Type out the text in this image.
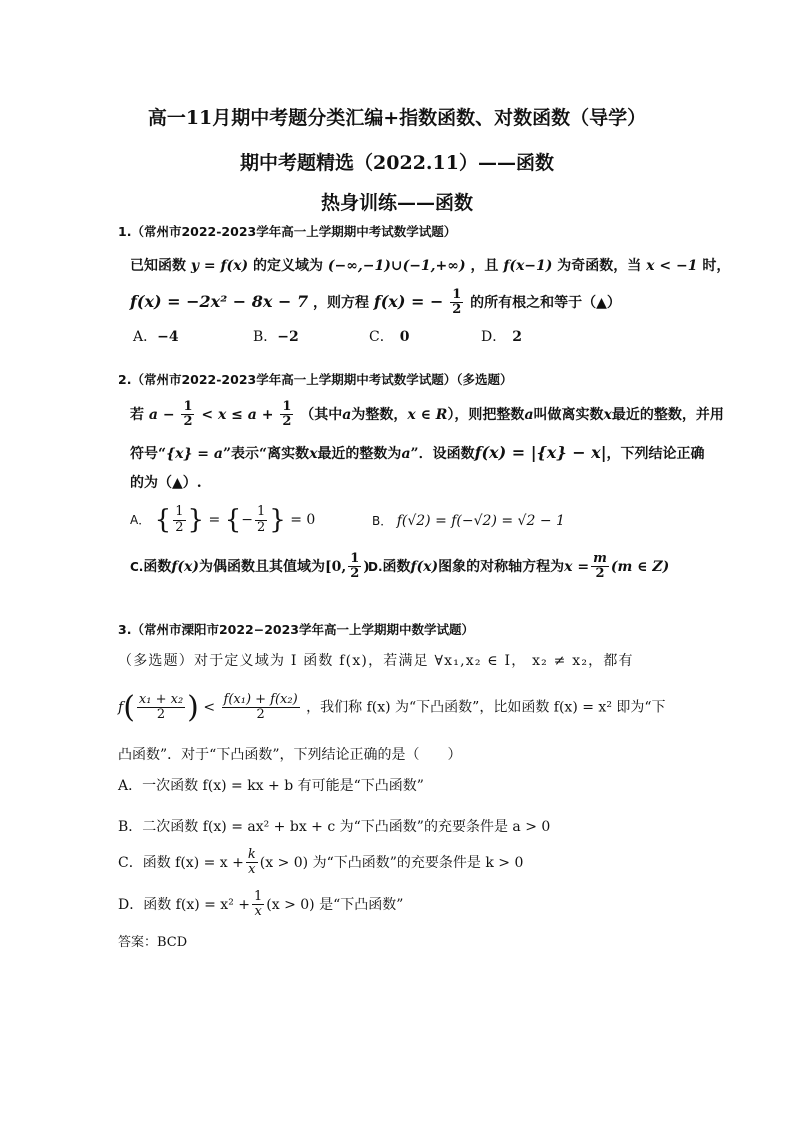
高一11月期中考题分类汇编+指数函数、对数函数（导学）
期中考题精选（2022.11）——函数
热身训练——函数
1.（常州市2022-2023学年高一上学期期中考试数学试题）
已知函数 y = f(x) 的定义域为 (−∞,−1)∪(−1,+∞) ，且 f(x−1) 为奇函数，当 x < −1 时，
f(x) = −2x² − 8x − 7 ，则方程 f(x) = − $\frac{1}{2}$ 的所有根之和等于（▲）
A．−4	B．−2	C． 0	D． 2
2.（常州市2022-2023学年高一上学期期中考试数学试题）（多选题）
若 $a - \frac{1}{2} < x \le a + \frac{1}{2}$ （其中a为整数，x ∈ R），则把整数a叫做离实数x最近的整数，并用
符号“{x} = a”表示“离实数x最近的整数为a”．设函数f(x) = |{x} − x|，下列结论正确
的为（▲）.
A． { $\frac{1}{2}$ } = {− $\frac{1}{2}$ } = 0	B． f(√2) = f(−√2) = √2 − 1
C.函数f(x)为偶函数且其值域为[0, $\frac{1}{2}$ )
D.函数f(x)图象的对称轴方程为$x = \frac{m}{2} (m$ ∈ Z)
3.（常州市溧阳市2022−2023学年高一上学期期中数学试题）
（多选题）对于定义域为 I 函数 f(x)，若满足 ∀x₁,x₂ ∈ I， x₂ ≠ x₂，都有
$f( \frac{\text{x₁ + x₂}}{2}$ ) < $\frac{\text{f(x₁) + f(x₂)}}{2}$ ，我们称 f(x) 为“下凸函数”，比如函数 f(x) = x² 即为“下
凸函数”．对于“下凸函数”，下列结论正确的是（　　）
A．一次函数 f(x) = kx + b 有可能是“下凸函数”
B．二次函数 f(x) = ax² + bx + c 为“下凸函数”的充要条件是 a > 0
C．函数 $f(x) = x + \frac{k}{x} (x > 0)$ 为“下凸函数”的充要条件是 k > 0
D．函数 $f(x) = x^2 + \frac{1}{x} (x > 0)$ 是“下凸函数”
答案：BCD
